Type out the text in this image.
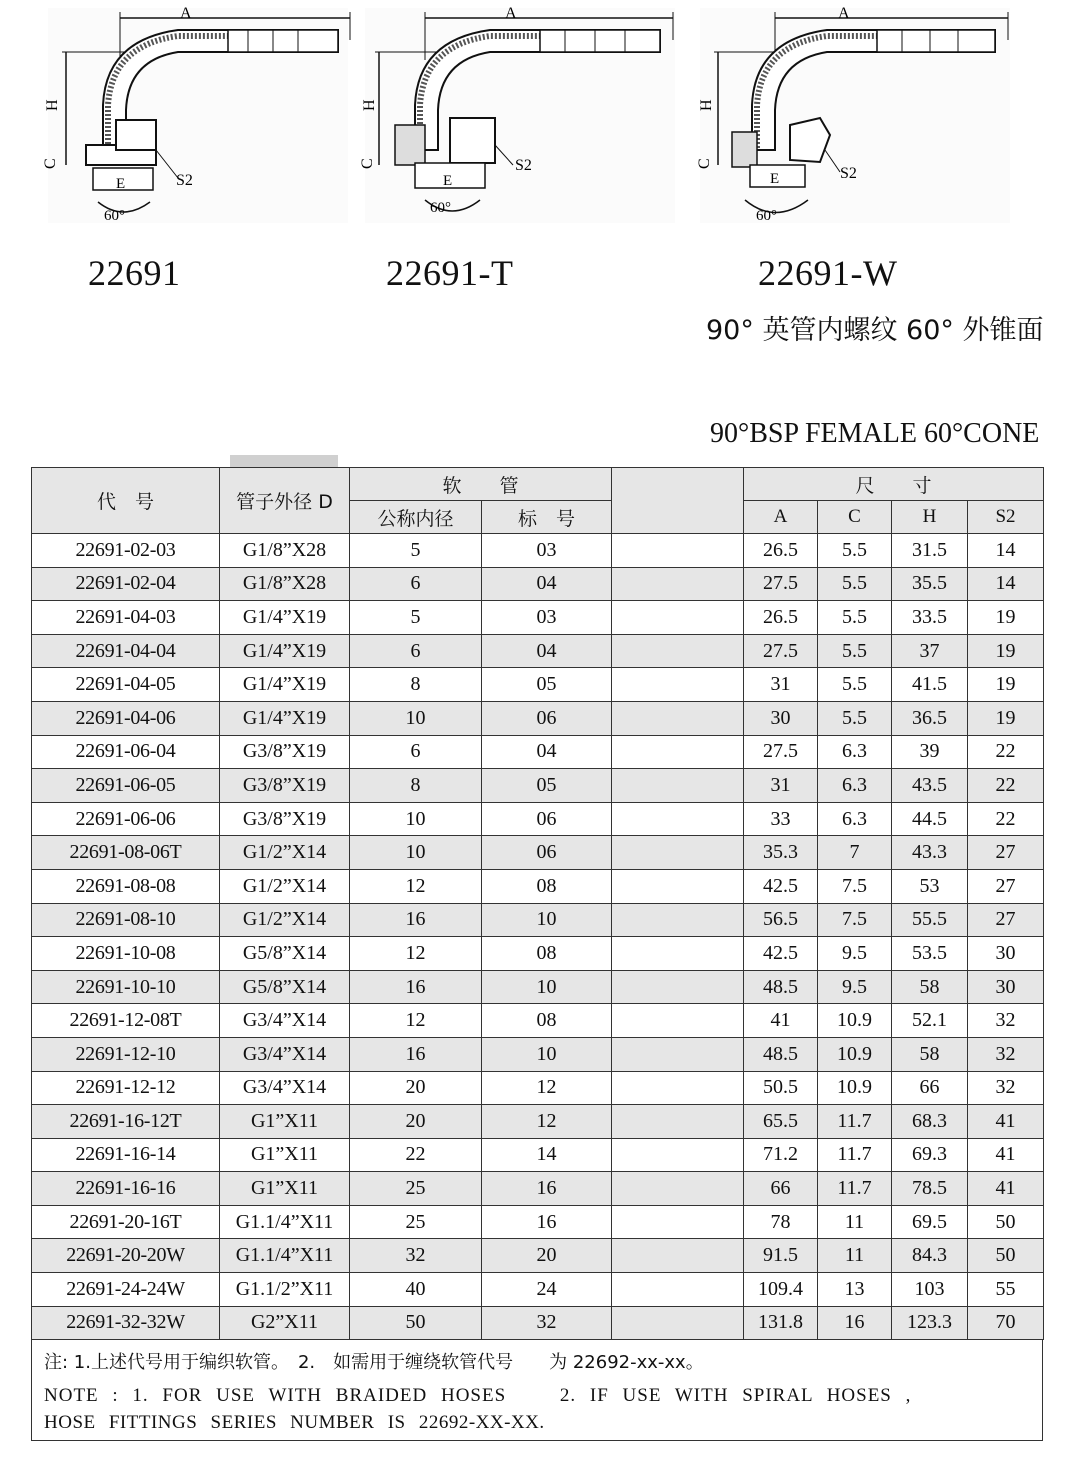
A
H
C
E	S2
60°
A
H
C
E
S2
60°
A
H
C
E	S2
60°
22691	22691-T	22691-W
90° 英管内螺纹 60° 外锥面
90°BSP FEMALE 60°CONE
代　号	管子外径 D	软　　管			尺　　寸			
		公称内径	标　号		A	C	H	S2
22691-02-03	G1/8”X28	5	03		26.5	5.5	31.5	14
22691-02-04	G1/8”X28	6	04		27.5	5.5	35.5	14
22691-04-03	G1/4”X19	5	03		26.5	5.5	33.5	19
22691-04-04	G1/4”X19	6	04		27.5	5.5	37	19
22691-04-05	G1/4”X19	8	05		31	5.5	41.5	19
22691-04-06	G1/4”X19	10	06		30	5.5	36.5	19
22691-06-04	G3/8”X19	6	04		27.5	6.3	39	22
22691-06-05	G3/8”X19	8	05		31	6.3	43.5	22
22691-06-06	G3/8”X19	10	06		33	6.3	44.5	22
22691-08-06T	G1/2”X14	10	06		35.3	7	43.3	27
22691-08-08	G1/2”X14	12	08		42.5	7.5	53	27
22691-08-10	G1/2”X14	16	10		56.5	7.5	55.5	27
22691-10-08	G5/8”X14	12	08		42.5	9.5	53.5	30
22691-10-10	G5/8”X14	16	10		48.5	9.5	58	30
22691-12-08T	G3/4”X14	12	08		41	10.9	52.1	32
22691-12-10	G3/4”X14	16	10		48.5	10.9	58	32
22691-12-12	G3/4”X14	20	12		50.5	10.9	66	32
22691-16-12T	G1”X11	20	12		65.5	11.7	68.3	41
22691-16-14	G1”X11	22	14		71.2	11.7	69.3	41
22691-16-16	G1”X11	25	16		66	11.7	78.5	41
22691-20-16T	G1.1/4”X11	25	16		78	11	69.5	50
22691-20-20W	G1.1/4”X11	32	20		91.5	11	84.3	50
22691-24-24W	G1.1/2”X11	40	24		109.4	13	103	55
22691-32-32W	G2”X11	50	32		131.8	16	123.3	70
注: 1.上述代号用于编织软管。　2.　如需用于缠绕软管代号　　为 22692-xx-xx。
NOTE : 1. FOR USE WITH BRAIDED HOSES　　 2. IF USE WITH SPIRAL HOSES ,
HOSE FITTINGS SERIES NUMBER IS 22692-XX-XX.
